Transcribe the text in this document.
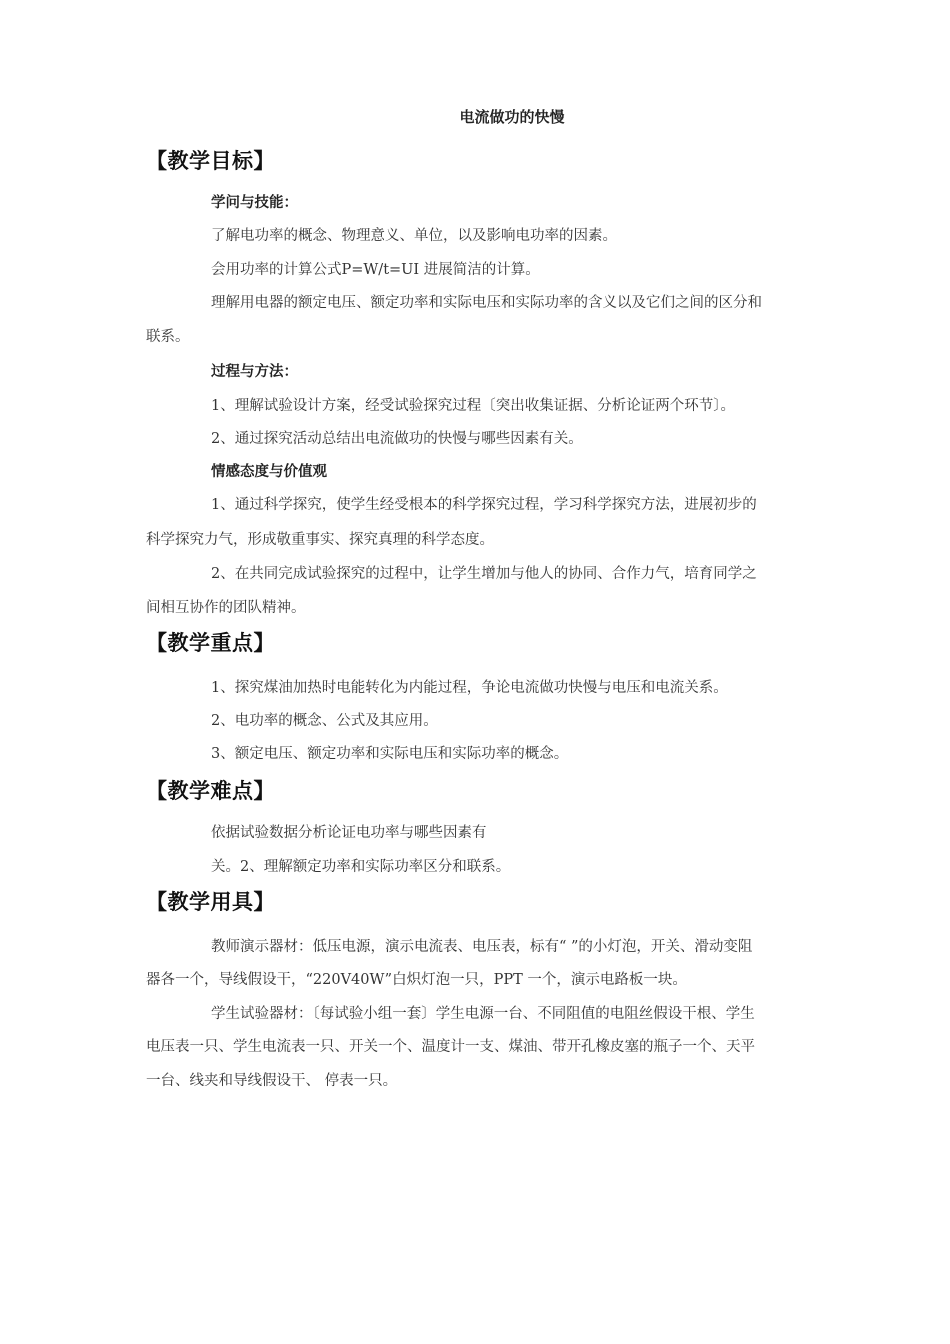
电流做功的快慢
【教学目标】
学问与技能：
了解电功率的概念、物理意义、单位，以及影响电功率的因素。
会用功率的计算公式P=W/t=UI 进展简洁的计算。
理解用电器的额定电压、额定功率和实际电压和实际功率的含义以及它们之间的区分和
联系。
过程与方法：
1、理解试验设计方案，经受试验探究过程〔突出收集证据、分析论证两个环节〕。
2、通过探究活动总结出电流做功的快慢与哪些因素有关。
情感态度与价值观
1、通过科学探究，使学生经受根本的科学探究过程，学习科学探究方法，进展初步的
科学探究力气，形成敬重事实、探究真理的科学态度。
2、在共同完成试验探究的过程中，让学生增加与他人的协同、合作力气，培育同学之
间相互协作的团队精神。
【教学重点】
1、探究煤油加热时电能转化为内能过程，争论电流做功快慢与电压和电流关系。
2、电功率的概念、公式及其应用。
3、额定电压、额定功率和实际电压和实际功率的概念。
【教学难点】
依据试验数据分析论证电功率与哪些因素有
关。2、理解额定功率和实际功率区分和联系。
【教学用具】
教师演示器材：低压电源，演示电流表、电压表，标有“ ”的小灯泡，开关、滑动变阻
器各一个，导线假设干，“220V40W”白炽灯泡一只，PPT 一个，演示电路板一块。
学生试验器材：〔每试验小组一套〕学生电源一台、不同阻值的电阻丝假设干根、学生
电压表一只、学生电流表一只、开关一个、温度计一支、煤油、带开孔橡皮塞的瓶子一个、天平
一台、线夹和导线假设干、 停表一只。
